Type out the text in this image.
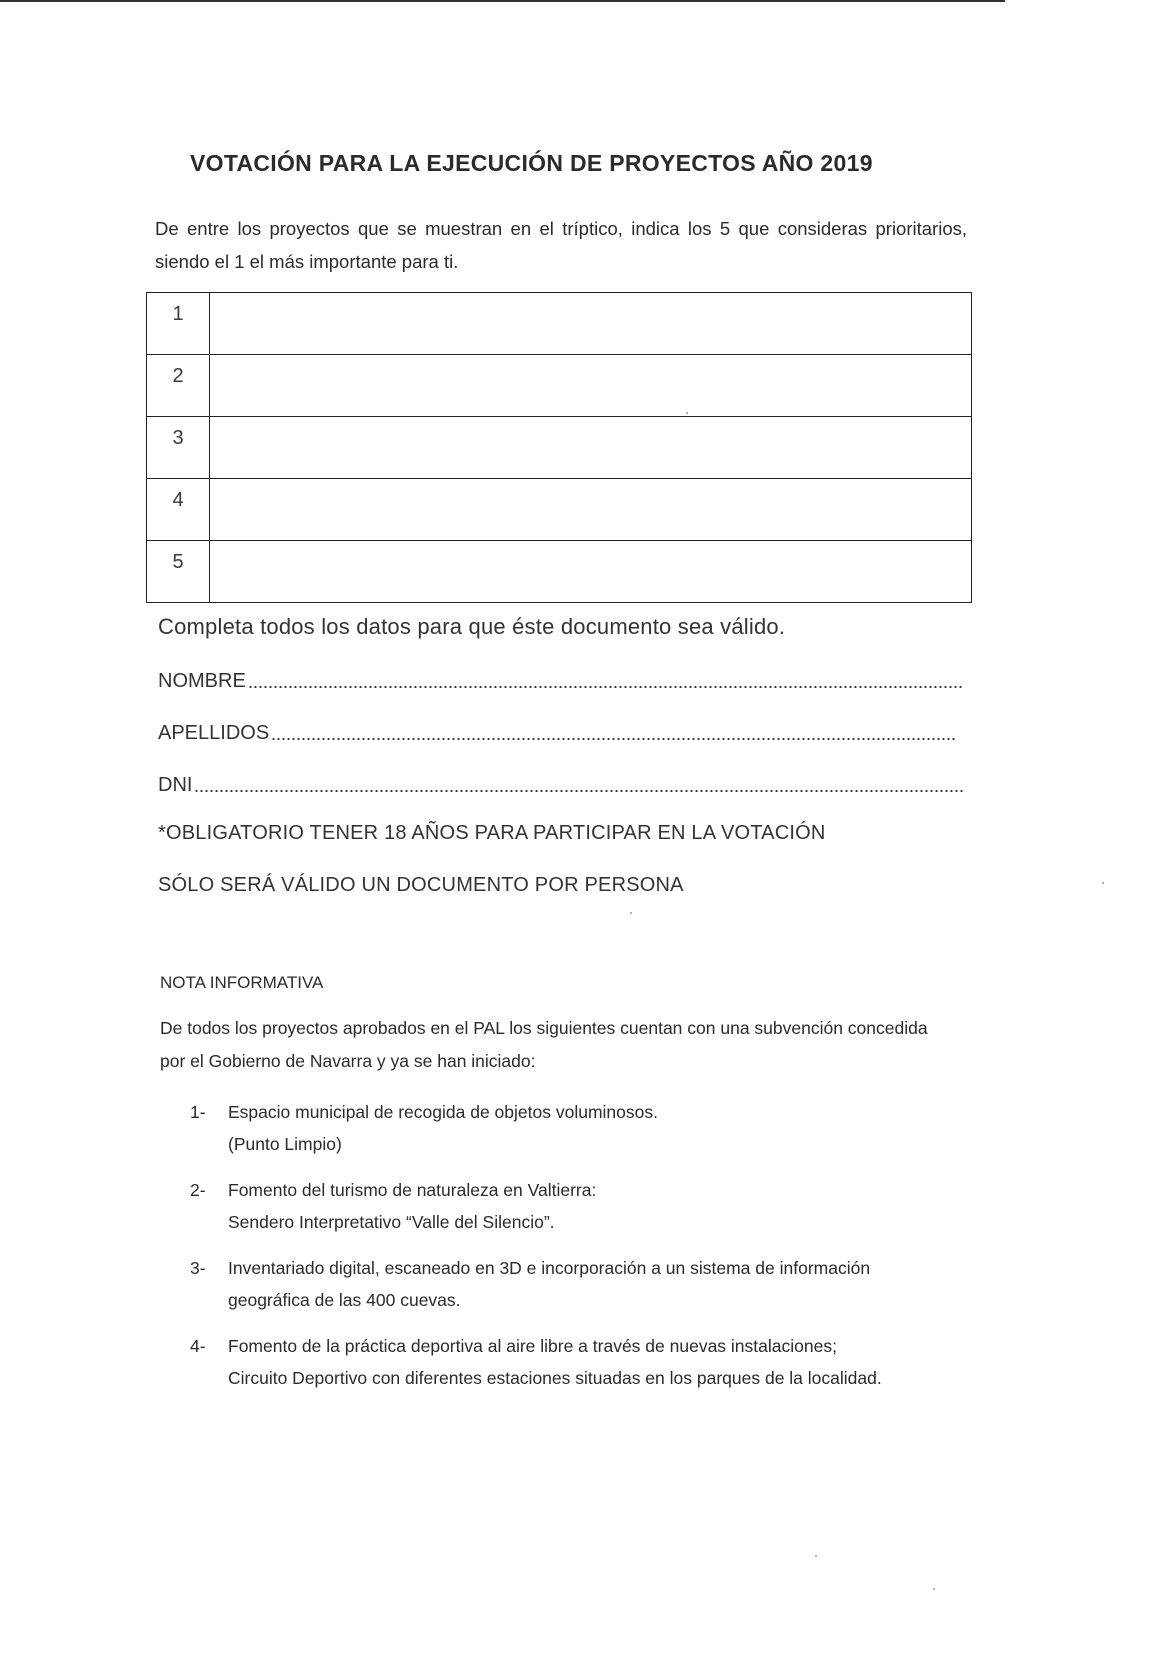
VOTACIÓN PARA LA EJECUCIÓN DE PROYECTOS AÑO 2019
De entre los proyectos que se muestran en el tríptico, indica los 5 que consideras prioritarios, siendo el 1 el más importante para ti.
1	
2	
3	
4	
5	
Completa todos los datos para que éste documento sea válido.
NOMBRE
APELLIDOS
DNI
*OBLIGATORIO TENER 18 AÑOS PARA PARTICIPAR EN LA VOTACIÓN
SÓLO SERÁ VÁLIDO UN DOCUMENTO POR PERSONA
NOTA INFORMATIVA
De todos los proyectos aprobados en el PAL los siguientes cuentan con una subvención concedida por el Gobierno de Navarra y ya se han iniciado:
1-	Espacio municipal de recogida de objetos voluminosos.
(Punto Limpio)
2-	Fomento del turismo de naturaleza en Valtierra:
Sendero Interpretativo “Valle del Silencio”.
3-	Inventariado digital, escaneado en 3D e incorporación a un sistema de información
geográfica de las 400 cuevas.
4-	Fomento de la práctica deportiva al aire libre a través de nuevas instalaciones;
Circuito Deportivo con diferentes estaciones situadas en los parques de la localidad.
